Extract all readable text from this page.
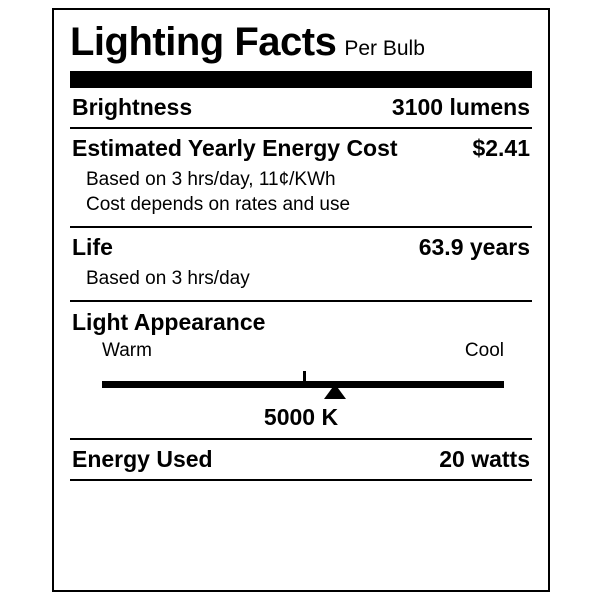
Lighting Facts Per Bulb
Brightness	3100 lumens
Estimated Yearly Energy Cost	$2.41
Based on 3 hrs/day, 11¢/KWh
Cost depends on rates and use
Life	63.9 years
Based on 3 hrs/day
Light Appearance
Warm	Cool
5000 K
Energy Used	20 watts
